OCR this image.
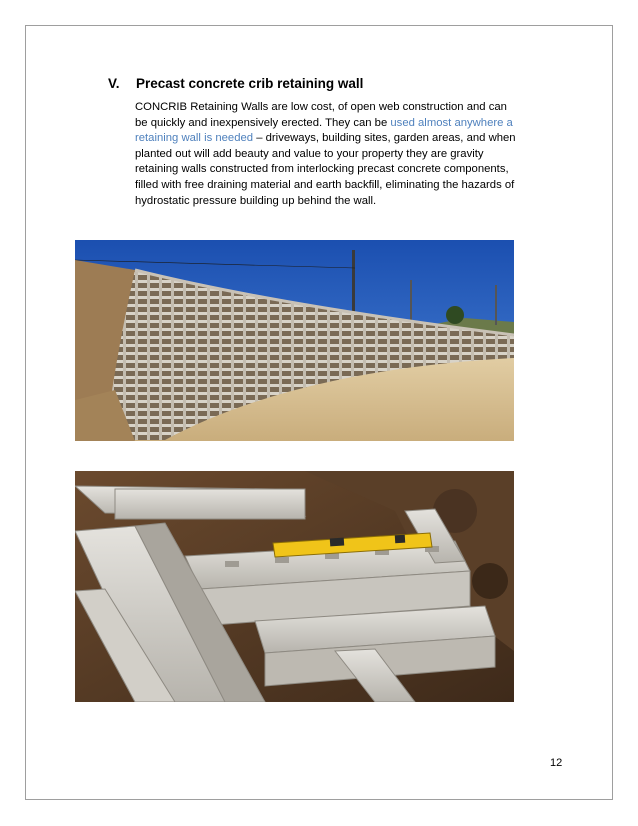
V. Precast concrete crib retaining wall
CONCRIB Retaining Walls are low cost, of open web construction and can
be quickly and inexpensively erected. They can be used almost anywhere a
retaining wall is needed – driveways, building sites, garden areas, and when
planted out will add beauty and value to your property they are gravity
retaining walls constructed from interlocking precast concrete components,
filled with free draining material and earth backfill, eliminating the hazards of
hydrostatic pressure building up behind the wall.
12
